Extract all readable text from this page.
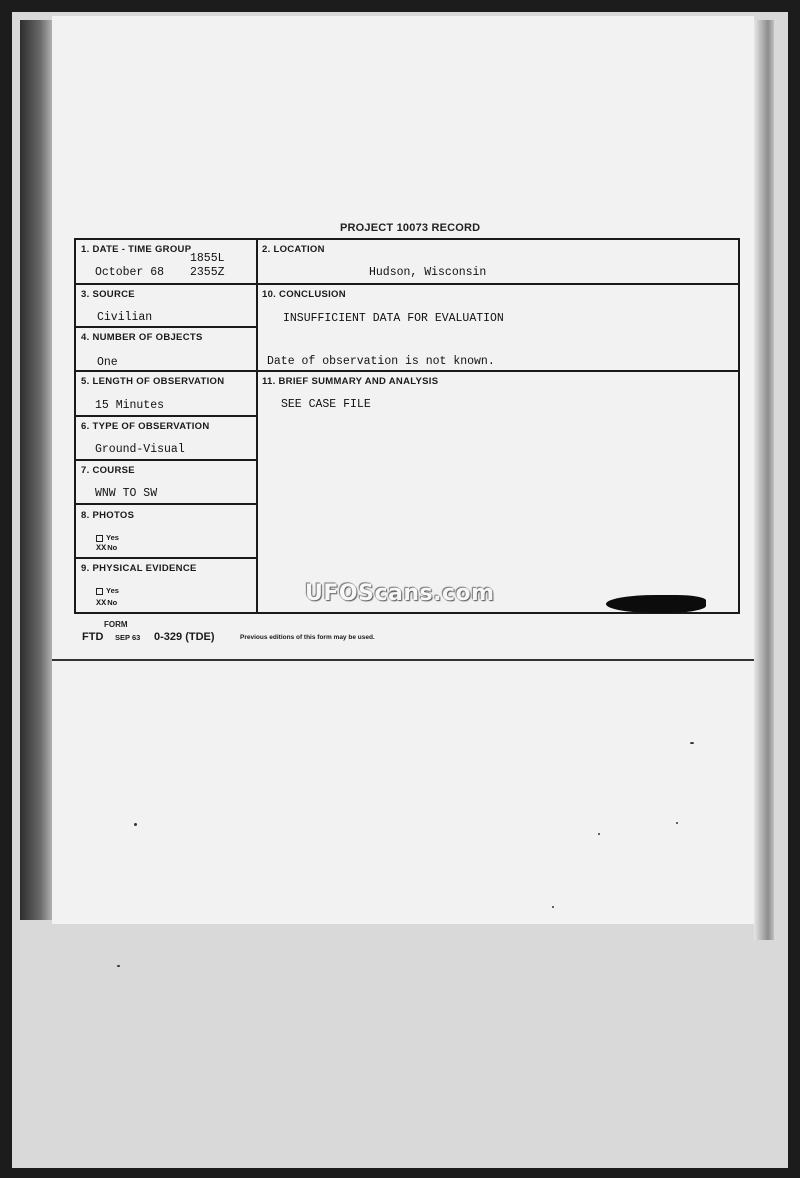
PROJECT 10073 RECORD
1. DATE - TIME GROUP
1855L
October 68 2355Z
2. LOCATION
Hudson, Wisconsin
3. SOURCE
Civilian
4. NUMBER OF OBJECTS
One
10. CONCLUSION
INSUFFICIENT DATA FOR EVALUATION
Date of observation is not known.
5. LENGTH OF OBSERVATION
15 Minutes
11. BRIEF SUMMARY AND ANALYSIS
SEE CASE FILE
6. TYPE OF OBSERVATION
Ground-Visual
7. COURSE
WNW TO SW
8. PHOTOS
Yes
XXNo
9. PHYSICAL EVIDENCE
Yes
XXNo	UFOScans.com
FORM
FTD SEP 63 0-329 (TDE)	Previous editions of this form may be used.
